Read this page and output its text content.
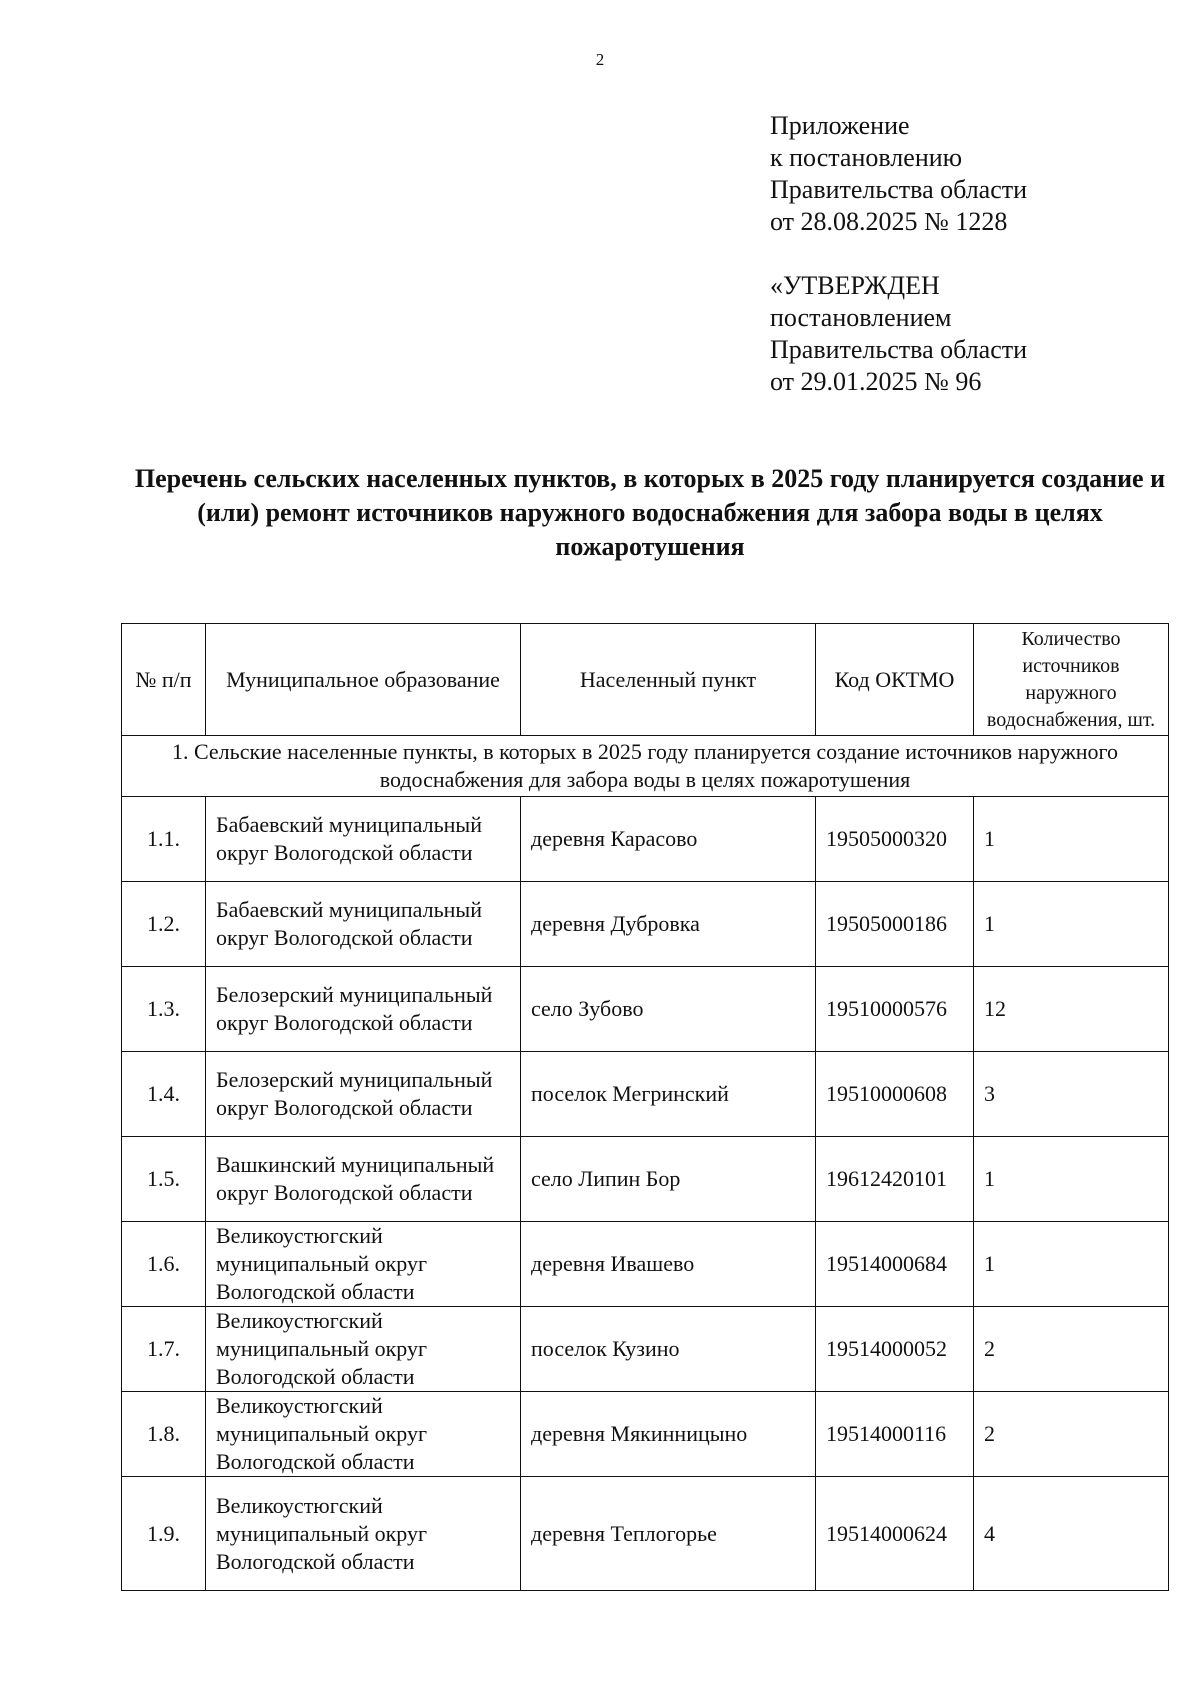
2
Приложение
к постановлению
Правительства области
от 28.08.2025 № 1228
«УТВЕРЖДЕН
постановлением
Правительства области
от 29.01.2025 № 96
Перечень сельских населенных пунктов, в которых в 2025 году планируется создание и (или) ремонт источников наружного водоснабжения для забора воды в целях пожаротушения
№ п/п	Муниципальное образование	Населенный пункт	Код ОКТМО	Количество источников наружного водоснабжения, шт.
1. Сельские населенные пункты, в которых в 2025 году планируется создание источников наружного водоснабжения для забора воды в целях пожаротушения				
1.1.	Бабаевский муниципальный округ Вологодской области	деревня Карасово	19505000320	1
1.2.	Бабаевский муниципальный округ Вологодской области	деревня Дубровка	19505000186	1
1.3.	Белозерский муниципальный округ Вологодской области	село Зубово	19510000576	12
1.4.	Белозерский муниципальный округ Вологодской области	поселок Мегринский	19510000608	3
1.5.	Вашкинский муниципальный округ Вологодской области	село Липин Бор	19612420101	1
1.6.	Великоустюгский муниципальный округ Вологодской области	деревня Ивашево	19514000684	1
1.7.	Великоустюгский муниципальный округ Вологодской области	поселок Кузино	19514000052	2
1.8.	Великоустюгский муниципальный округ Вологодской области	деревня Мякинницыно	19514000116	2
1.9.	Великоустюгский муниципальный округ Вологодской области	деревня Теплогорье	19514000624	4
